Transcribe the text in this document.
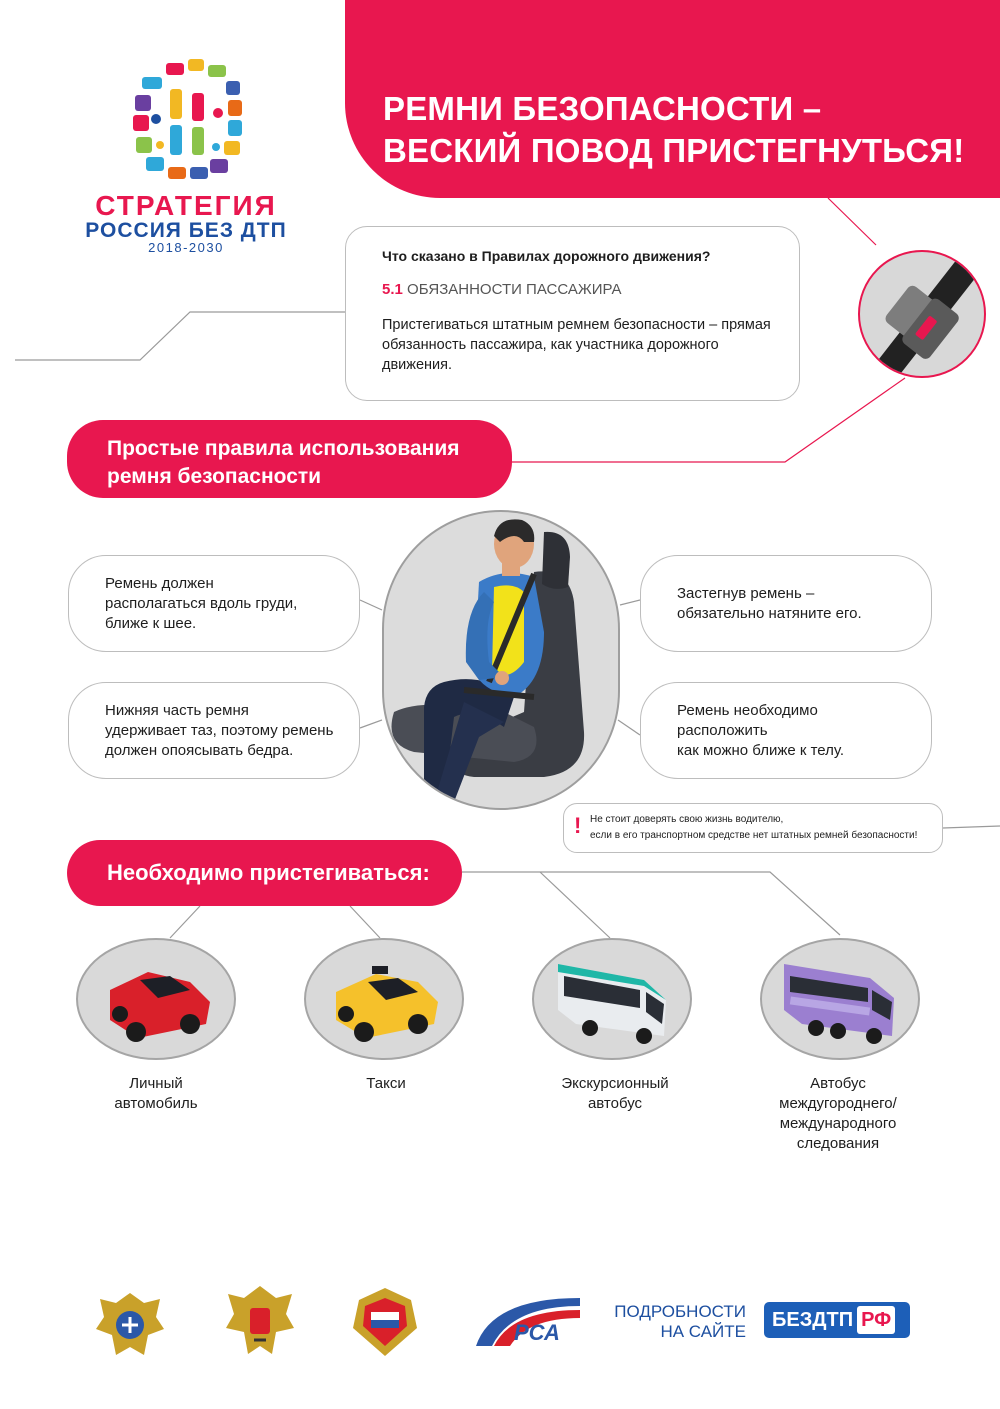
РЕМНИ БЕЗОПАСНОСТИ –
ВЕСКИЙ ПОВОД ПРИСТЕГНУТЬСЯ!
СТРАТЕГИЯ
РОССИЯ БЕЗ ДТП
2018-2030
Что сказано в Правилах дорожного движения?
5.1 ОБЯЗАННОСТИ ПАССАЖИРА
Пристегиваться штатным ремнем безопасности – прямая обязанность пассажира, как участника дорожного движения.
Простые правила использования
ремня безопасности
Ремень должен
располагаться вдоль груди,
ближе к шее.
Нижняя часть ремня
удерживает таз, поэтому ремень
должен опоясывать бедра.
Застегнув ремень –
обязательно натяните его.
Ремень необходимо
расположить
как можно ближе к телу.
! Не стоит доверять свою жизнь водителю,
если в его транспортном средстве нет штатных ремней безопасности!
Необходимо пристегиваться:
Личный
автомобиль
Такси	Экскурсионный
автобус
Автобус
междугороднего/
международного
следования
РСА
ПОДРОБНОСТИ
НА САЙТЕ
БЕЗДТП РФ
